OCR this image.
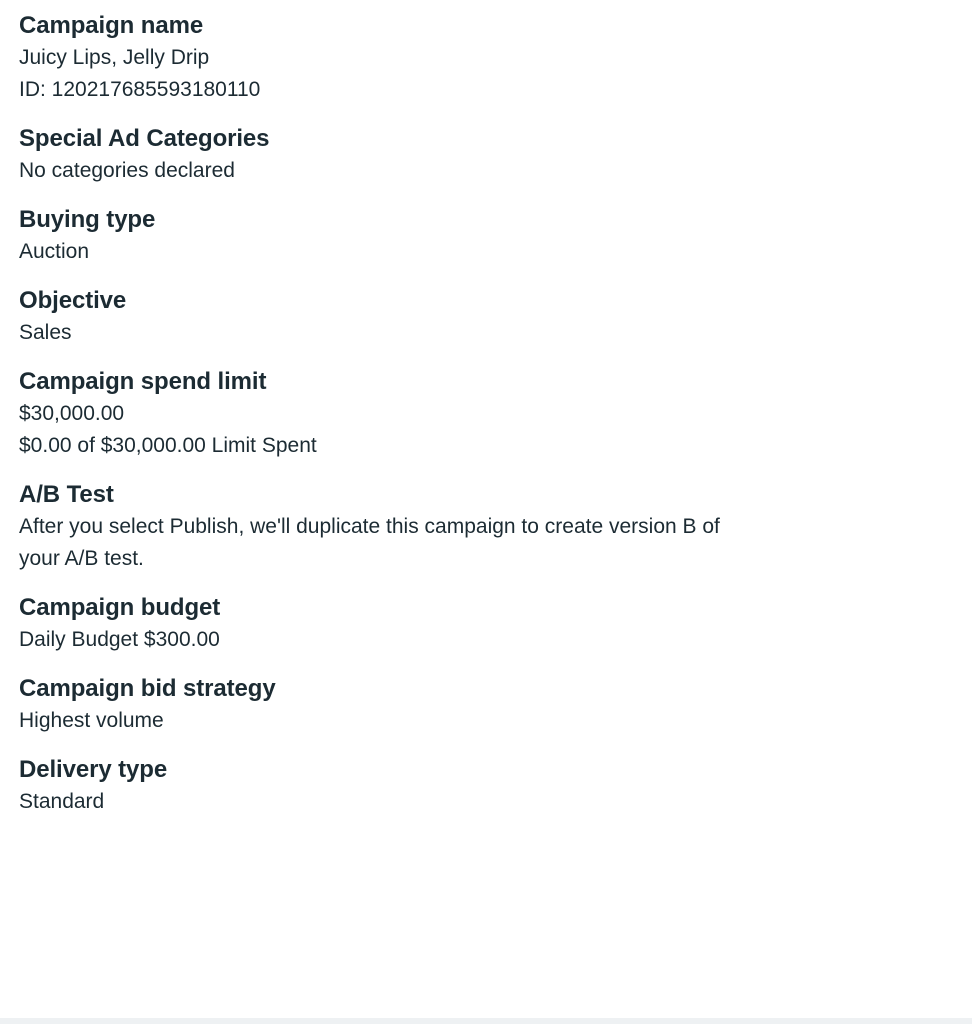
Campaign name
Juicy Lips, Jelly Drip
ID: 120217685593180110
Special Ad Categories
No categories declared
Buying type
Auction
Objective
Sales
Campaign spend limit
$30,000.00
$0.00 of $30,000.00 Limit Spent
A/B Test
After you select Publish, we'll duplicate this campaign to create version B of
your A/B test.
Campaign budget
Daily Budget $300.00
Campaign bid strategy
Highest volume
Delivery type
Standard
